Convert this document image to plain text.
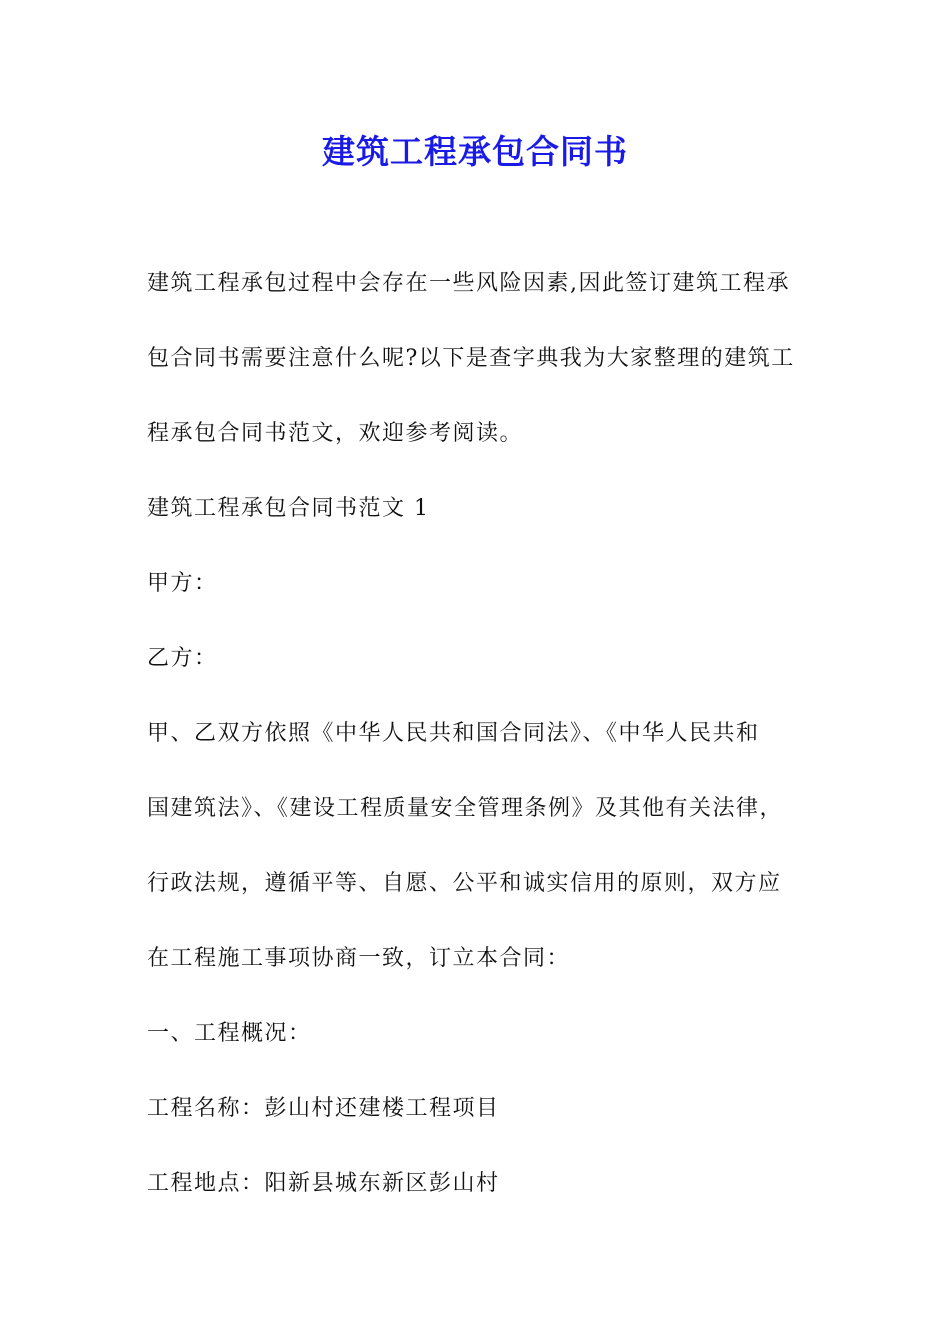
建筑工程承包合同书

建筑工程承包过程中会存在一些风险因素,因此签订建筑工程承

包合同书需要注意什么呢?以下是查字典我为大家整理的建筑工

程承包合同书范文，欢迎参考阅读。

建筑工程承包合同书范文 1

甲方：

乙方：

甲、乙双方依照《中华人民共和国合同法》、《中华人民共和

国建筑法》、《建设工程质量安全管理条例》及其他有关法律，

行政法规，遵循平等、自愿、公平和诚实信用的原则，双方应

在工程施工事项协商一致，订立本合同：

一、工程概况：

工程名称：彭山村还建楼工程项目

工程地点：阳新县城东新区彭山村
